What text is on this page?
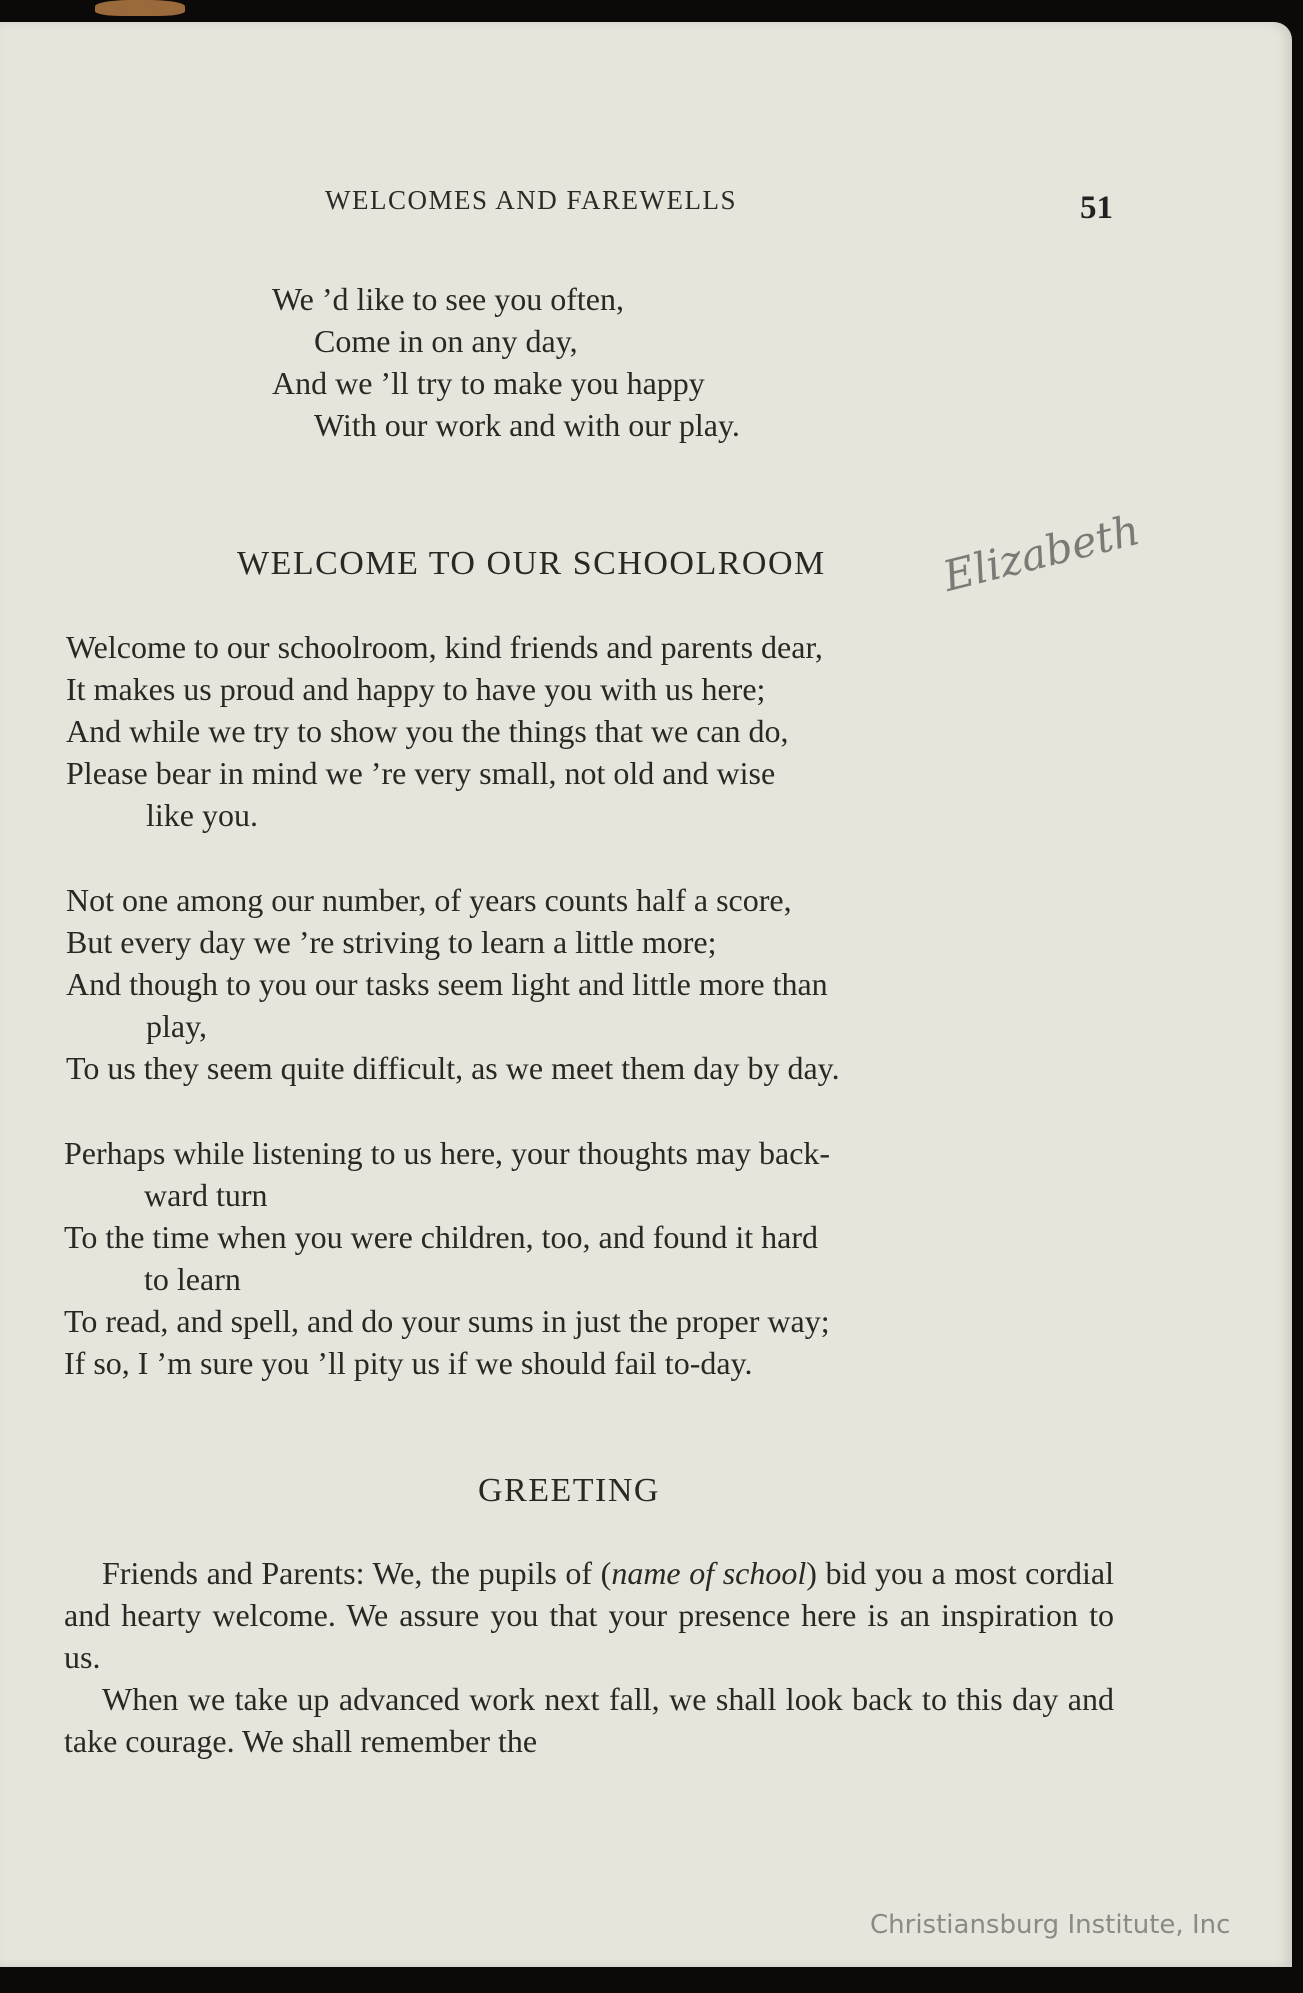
WELCOMES AND FAREWELLS	51
We ’d like to see you often,
Come in on any day,
And we ’ll try to make you happy
With our work and with our play.
WELCOME TO OUR SCHOOLROOM	Elizabeth
Welcome to our schoolroom, kind friends and parents dear,
It makes us proud and happy to have you with us here;
And while we try to show you the things that we can do,
Please bear in mind we ’re very small, not old and wise
like you.
Not one among our number, of years counts half a score,
But every day we ’re striving to learn a little more;
And though to you our tasks seem light and little more than
play,
To us they seem quite difficult, as we meet them day by day.
Perhaps while listening to us here, your thoughts may back-
ward turn
To the time when you were children, too, and found it hard
to learn
To read, and spell, and do your sums in just the proper way;
If so, I ’m sure you ’ll pity us if we should fail to-day.
GREETING

Friends and Parents: We, the pupils of (name of school) bid you a most cordial and hearty welcome. We assure you that your presence here is an inspiration to us.

When we take up advanced work next fall, we shall look back to this day and take courage. We shall remember the

Christiansburg Institute, Inc
